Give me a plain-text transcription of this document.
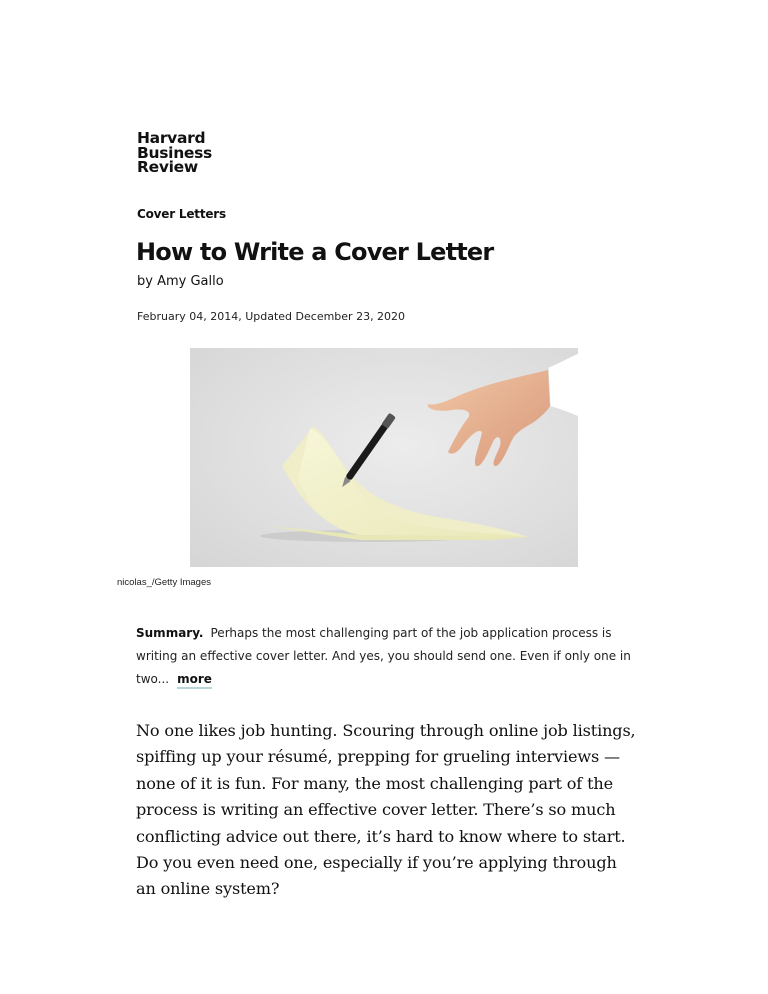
Harvard
Business
Review
Cover Letters
How to Write a Cover Letter
by Amy Gallo
February 04, 2014, Updated December 23, 2020
nicolas_/Getty Images
Summary. Perhaps the most challenging part of the job application process is writing an effective cover letter. And yes, you should send one. Even if only one in two... more

No one likes job hunting. Scouring through online job listings, spiffing up your résumé, prepping for grueling interviews — none of it is fun. For many, the most challenging part of the process is writing an effective cover letter. There’s so much conflicting advice out there, it’s hard to know where to start. Do you even need one, especially if you’re applying through an online system?
